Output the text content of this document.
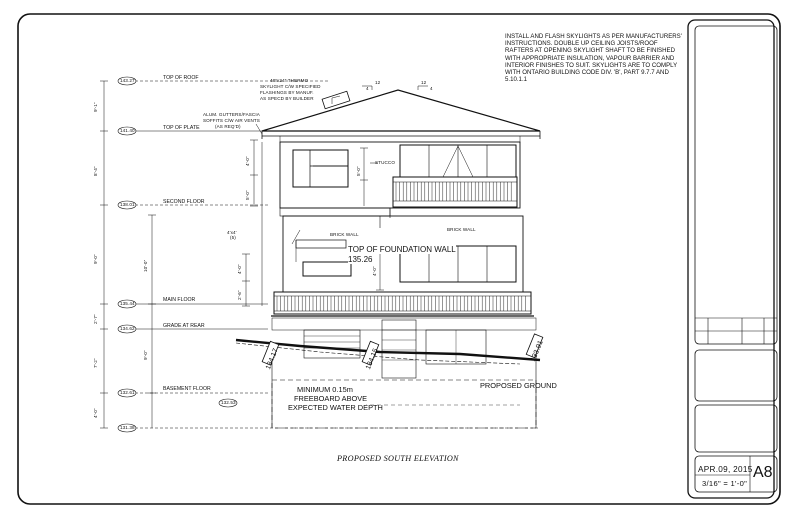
INSTALL AND FLASH SKYLIGHTS AS PER MANUFACTURERS' INSTRUCTIONS. DOUBLE UP CEILING JOISTS/ROOF RAFTERS AT OPENING SKYLIGHT SHAFT TO BE FINISHED WITH APPROPRIATE INSULATION, VAPOUR BARRIER AND INTERIOR FINISHES TO SUIT. SKYLIGHTS ARE TO COMPLY WITH ONTARIO BUILDING CODE DIV. 'B', PART 9.7.7 AND 5.10.1.1
TOP OF ROOF
TOP OF PLATE
SECOND FLOOR
MAIN FLOOR
GRADE AT REAR
BASEMENT FLOOR
143.27
141.40
138.01
135.44
134.62
132.61
131.38
132.53
9'-1"
8'-4"
9'-0"
2'-7"
7'-2"
4'-0"
10'-0"
9'-0"
4'-0"
5'-0"
4'-0"
2'-6"
5'-0"
4'-0"
12
4
12
4
48"x24" THERMO
SKYLIGHT C/W SPECIFIED
FLASHINGS BY MANUF.
AS SPECD BY BUILDER
ALUM. GUTTERS/FASCIA
SOFFITS C/W AIR VENTS
(AS REQ'D)
STUCCO
BRICK WALL
BRICK WALL
4'x4'
(5)
TOP OF FOUNDATION WALL
135.26
134.17	134.15	133.91
PROPOSED GROUND
MINIMUM 0.15m
FREEBOARD ABOVE
EXPECTED WATER DEPTH
PROPOSED SOUTH ELEVATION
APR.09, 2015
3/16" = 1'-0"
A8
